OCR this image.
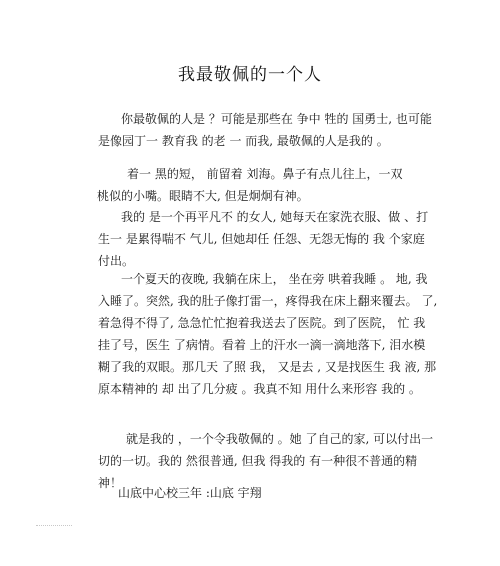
我最敬佩的一个人

你最敬佩的人是 ？可能是那些在 争中 牲的 国勇士, 也可能
是像园丁一 教育我 的老 一 而我, 最敬佩的人是我的 。

着一 黑的短， 前留着 刘海。鼻子有点儿往上，一双
桃似的小嘴。眼睛不大, 但是炯炯有神。

我的 是一个再平凡不 的女人, 她每天在家洗衣服、做 、打
生一 是累得喘不 气儿, 但她却任 任怨、无怨无悔的 我 个家庭
付出。

一个夏天的夜晚, 我躺在床上， 坐在旁 哄着我睡 。 地, 我
入睡了。突然, 我的肚子像打雷一，疼得我在床上翻来覆去。 了,
着急得不得了, 急急忙忙抱着我送去了医院。到了医院， 忙 我
挂了号，医生 了病情。看着 上的汗水一滴一滴地落下, 泪水模
糊了我的双眼。那几天 了照 我， 又是去 , 又是找医生 我 液, 那
原本精神的 却 出了几分疲 。我真不知 用什么来形容 我的 。

就是我的 ，一个令我敬佩的 。她 了自己的家, 可以付出一
切的一切。我的 然很普通, 但我 得我的 有一种很不普通的精
神！

山底中心校三年 :山底 宇翔
